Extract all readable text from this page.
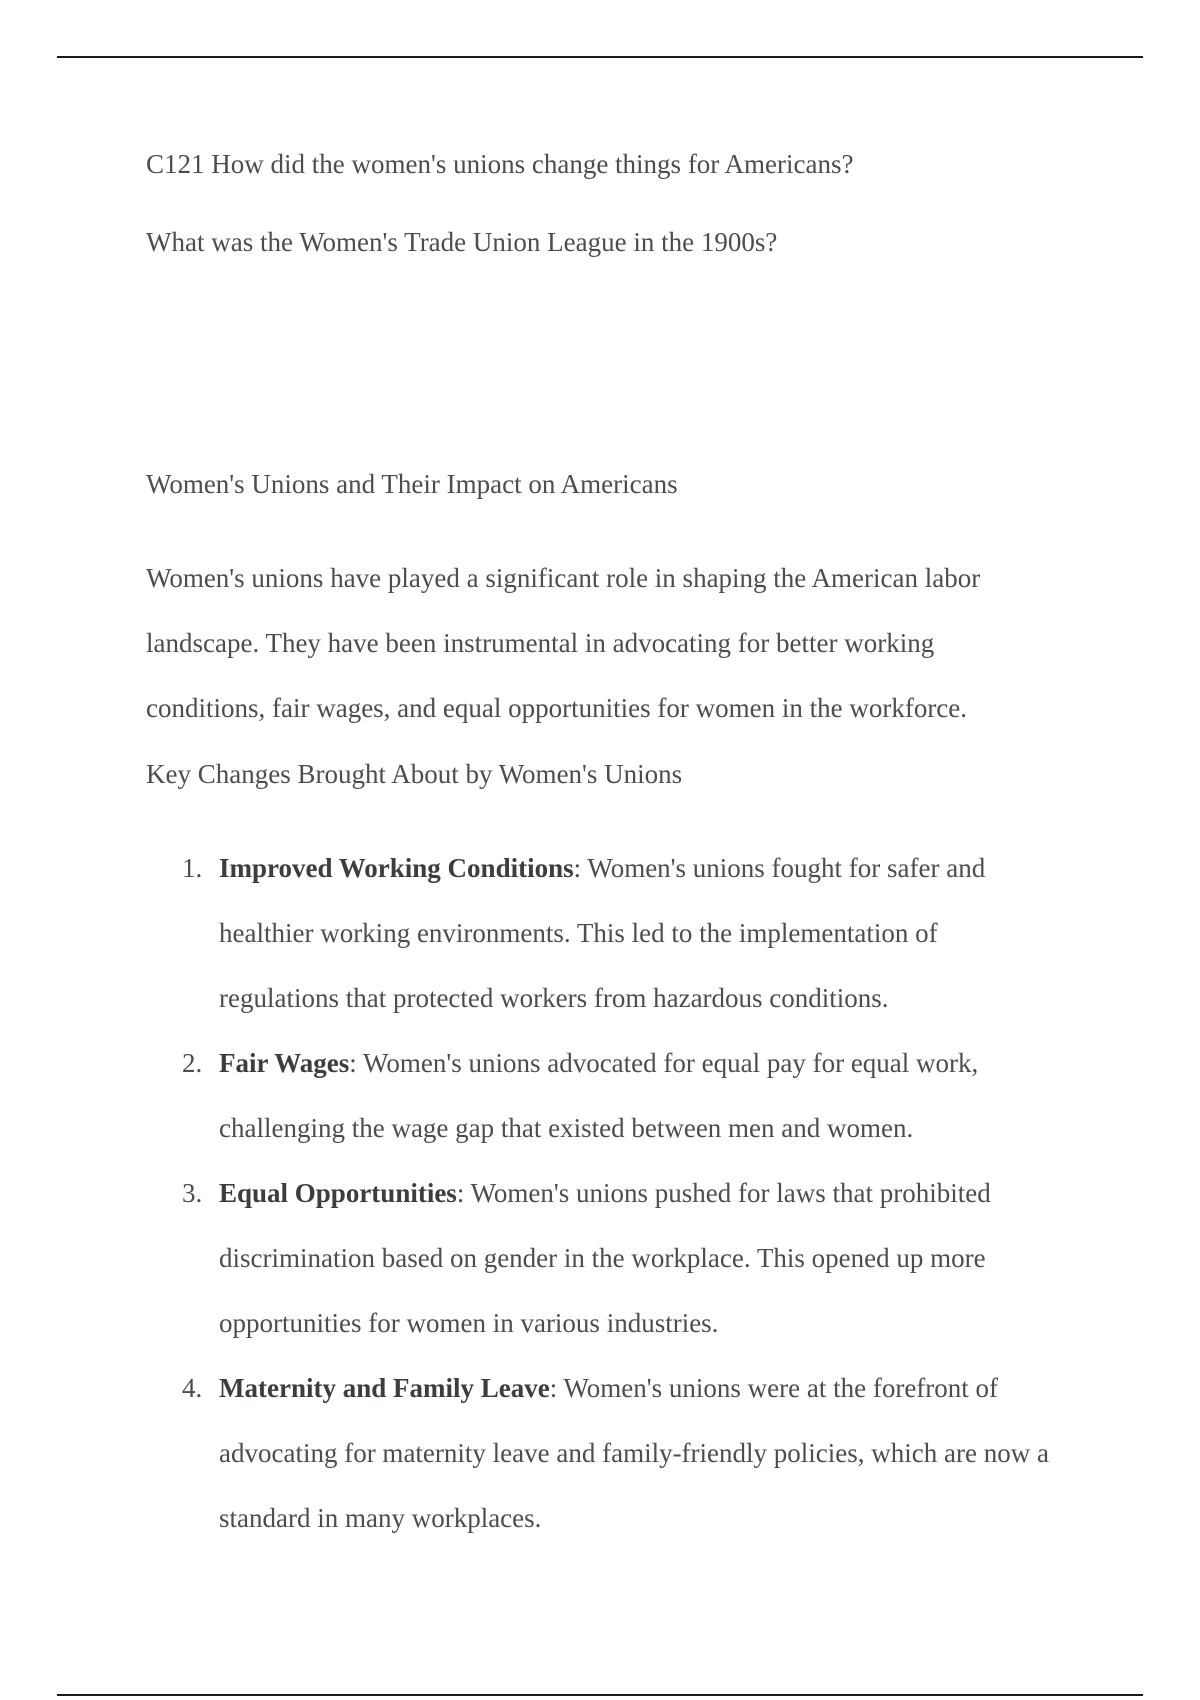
C121 How did the women's unions change things for Americans?

What was the Women's Trade Union League in the 1900s?

Women's Unions and Their Impact on Americans

Women's unions have played a significant role in shaping the American labor landscape. They have been instrumental in advocating for better working conditions, fair wages, and equal opportunities for women in the workforce.

Key Changes Brought About by Women's Unions

1. Improved Working Conditions: Women's unions fought for safer and healthier working environments. This led to the implementation of regulations that protected workers from hazardous conditions.
2. Fair Wages: Women's unions advocated for equal pay for equal work, challenging the wage gap that existed between men and women.
3. Equal Opportunities: Women's unions pushed for laws that prohibited discrimination based on gender in the workplace. This opened up more opportunities for women in various industries.
4. Maternity and Family Leave: Women's unions were at the forefront of advocating for maternity leave and family-friendly policies, which are now a standard in many workplaces.
